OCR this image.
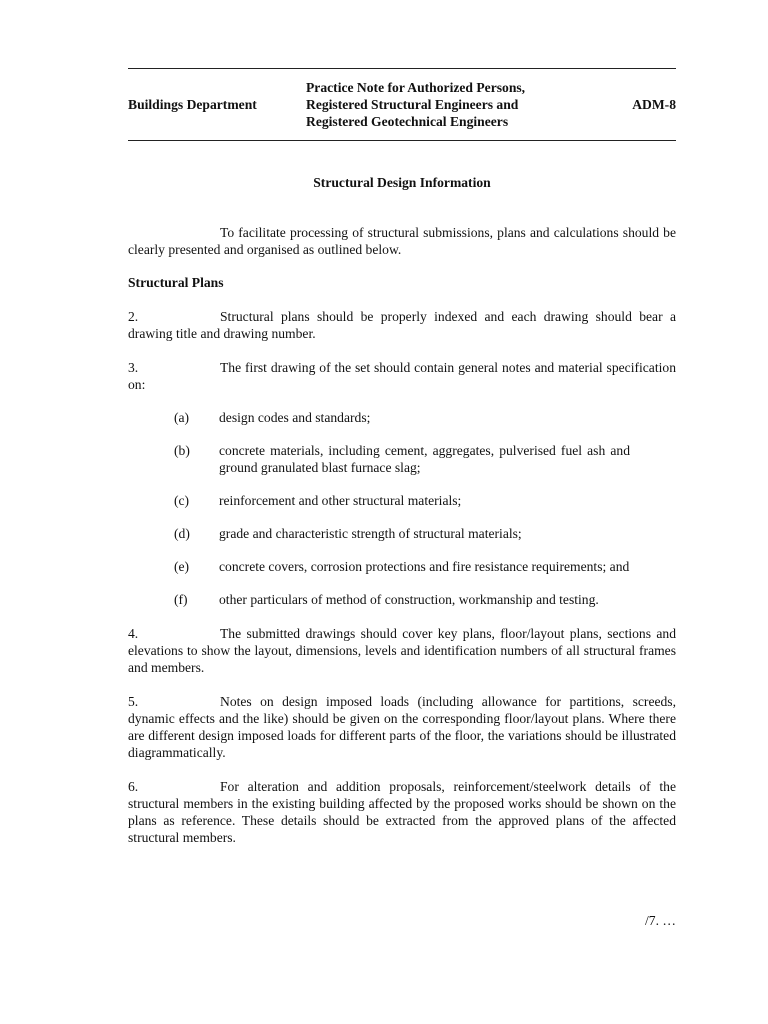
Buildings Department
Practice Note for Authorized Persons,
Registered Structural Engineers and
Registered Geotechnical Engineers
ADM-8
Structural Design Information
To facilitate processing of structural submissions, plans and calculations should be clearly presented and organised as outlined below.
Structural Plans
2.	Structural plans should be properly indexed and each drawing should bear a drawing title and drawing number.
3.	The first drawing of the set should contain general notes and material specification on:
(a)	design codes and standards;
(b)	concrete materials, including cement, aggregates, pulverised fuel ash and ground granulated blast furnace slag;
(c)	reinforcement and other structural materials;
(d)	grade and characteristic strength of structural materials;
(e)	concrete covers, corrosion protections and fire resistance requirements; and
(f)	other particulars of method of construction, workmanship and testing.
4.	The submitted drawings should cover key plans, floor/layout plans, sections and elevations to show the layout, dimensions, levels and identification numbers of all structural frames and members.
5.	Notes on design imposed loads (including allowance for partitions, screeds, dynamic effects and the like) should be given on the corresponding floor/layout plans. Where there are different design imposed loads for different parts of the floor, the variations should be illustrated diagrammatically.
6.	For alteration and addition proposals, reinforcement/steelwork details of the structural members in the existing building affected by the proposed works should be shown on the plans as reference. These details should be extracted from the approved plans of the affected structural members.
/7. …
